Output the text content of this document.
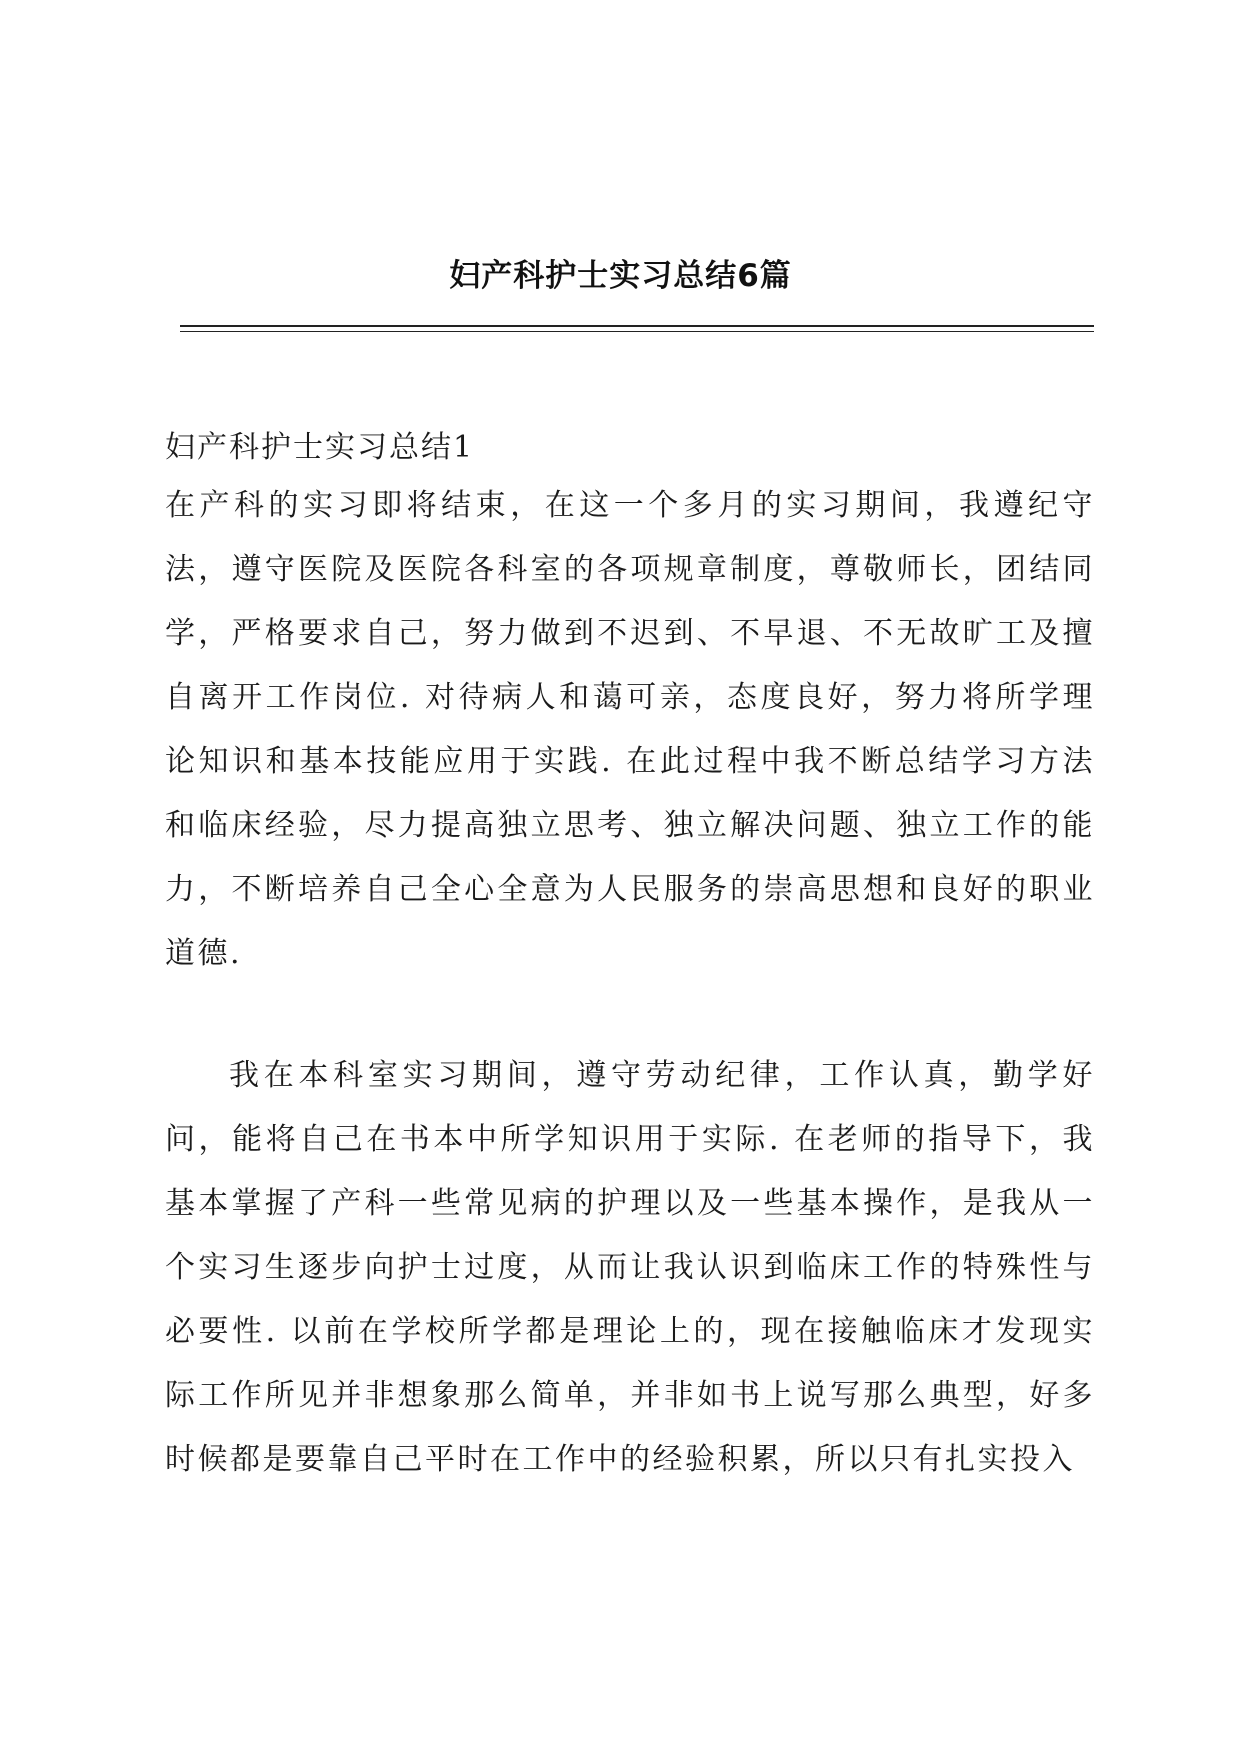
妇产科护士实习总结6篇

妇产科护士实习总结1

在产科的实习即将结束，在这一个多月的实习期间，我遵纪守法，遵守医院及医院各科室的各项规章制度，尊敬师长，团结同学，严格要求自己，努力做到不迟到、不早退、不无故旷工及擅自离开工作岗位. 对待病人和蔼可亲，态度良好，努力将所学理论知识和基本技能应用于实践. 在此过程中我不断总结学习方法和临床经验，尽力提高独立思考、独立解决问题、独立工作的能力，不断培养自己全心全意为人民服务的崇高思想和良好的职业道德.

我在本科室实习期间，遵守劳动纪律，工作认真，勤学好问，能将自己在书本中所学知识用于实际. 在老师的指导下，我基本掌握了产科一些常见病的护理以及一些基本操作，是我从一个实习生逐步向护士过度，从而让我认识到临床工作的特殊性与必要性. 以前在学校所学都是理论上的，现在接触临床才发现实际工作所见并非想象那么简单，并非如书上说写那么典型，好多时候都是要靠自己平时在工作中的经验积累，所以只有扎实投入
